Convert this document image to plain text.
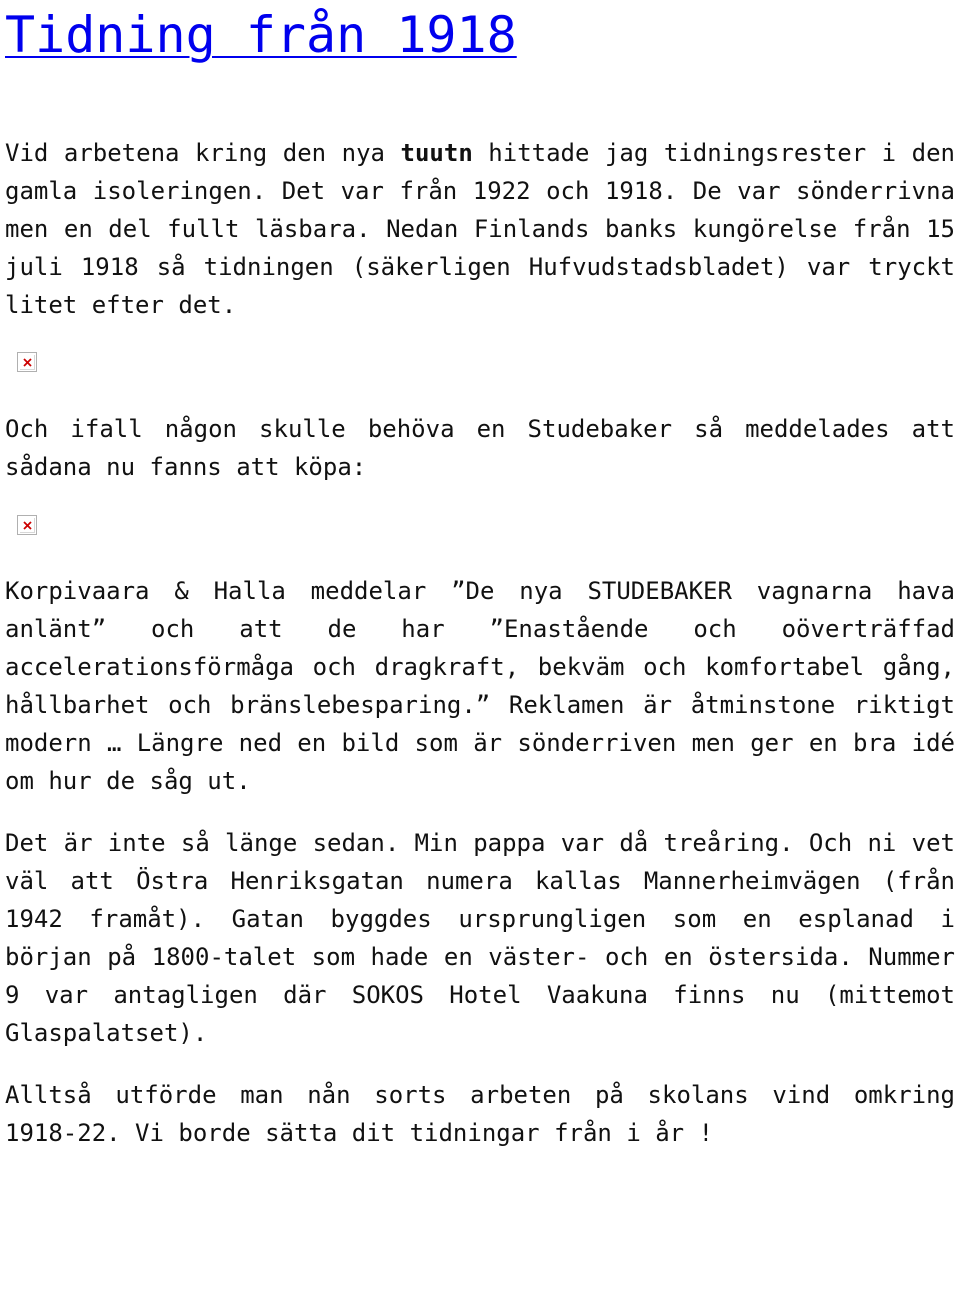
Tidning från 1918

Vid arbetena kring den nya tuutn hittade jag tidningsrester i den gamla isoleringen. Det var från 1922 och 1918. De var sönderrivna men en del fullt läsbara. Nedan Finlands banks kungörelse från 15 juli 1918 så tidningen (säkerligen Hufvudstadsbladet) var tryckt litet efter det.

Och ifall någon skulle behöva en Studebaker så meddelades att sådana nu fanns att köpa:

Korpivaara & Halla meddelar ”De nya STUDEBAKER vagnarna hava anlänt” och att de har ”Enastående och oöverträffad accelerationsförmåga och dragkraft, bekväm och komfortabel gång, hållbarhet och bränslebesparing.” Reklamen är åtminstone riktigt modern … Längre ned en bild som är sönderriven men ger en bra idé om hur de såg ut.

Det är inte så länge sedan. Min pappa var då treåring. Och ni vet väl att Östra Henriksgatan numera kallas Mannerheimvägen (från 1942 framåt). Gatan byggdes ursprungligen som en esplanad i början på 1800-talet som hade en väster- och en östersida. Nummer 9 var antagligen där SOKOS Hotel Vaakuna finns nu (mittemot Glaspalatset).

Alltså utförde man nån sorts arbeten på skolans vind omkring 1918-22. Vi borde sätta dit tidningar från i år !
